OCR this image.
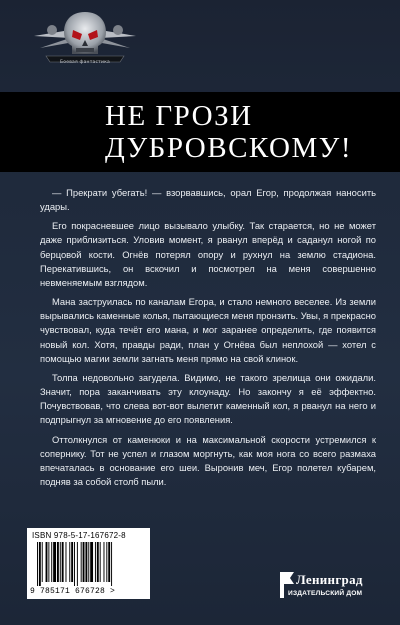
Боевая фантастика
НЕ ГРОЗИ
ДУБРОВСКОМУ!

— Прекрати убегать! — взорвавшись, орал Егор, продолжая наносить удары.

Его покрасневшее лицо вызывало улыбку. Так старается, но не может даже приблизиться. Уловив момент, я рванул вперёд и саданул ногой по берцовой кости. Огнёв потерял опору и рухнул на землю стадиона. Перекатившись, он вскочил и посмотрел на меня совершенно невменяемым взглядом.

Мана заструилась по каналам Егора, и стало немного веселее. Из земли вырывались каменные колья, пытающиеся меня пронзить. Увы, я прекрасно чувствовал, куда течёт его мана, и мог заранее определить, где появится новый кол. Хотя, правды ради, план у Огнёва был неплохой — хотел с помощью магии земли загнать меня прямо на свой клинок.

Толпа недовольно загудела. Видимо, не такого зрелища они ожидали. Значит, пора заканчивать эту клоунаду. Но закончу я её эффектно. Почувствовав, что слева вот-вот вылетит каменный кол, я рванул на него и подпрыгнул за мгновение до его появления.

Оттолкнулся от каменюки и на максимальной скорости устремился к сопернику. Тот не успел и глазом моргнуть, как моя нога со всего размаха впечаталась в основание его шеи. Выронив меч, Егор полетел кубарем, подняв за собой столб пыли.

ISBN 978-5-17-167672-8
9 785171 676728 >
Ленинград
ИЗДАТЕЛЬСКИЙ ДОМ
